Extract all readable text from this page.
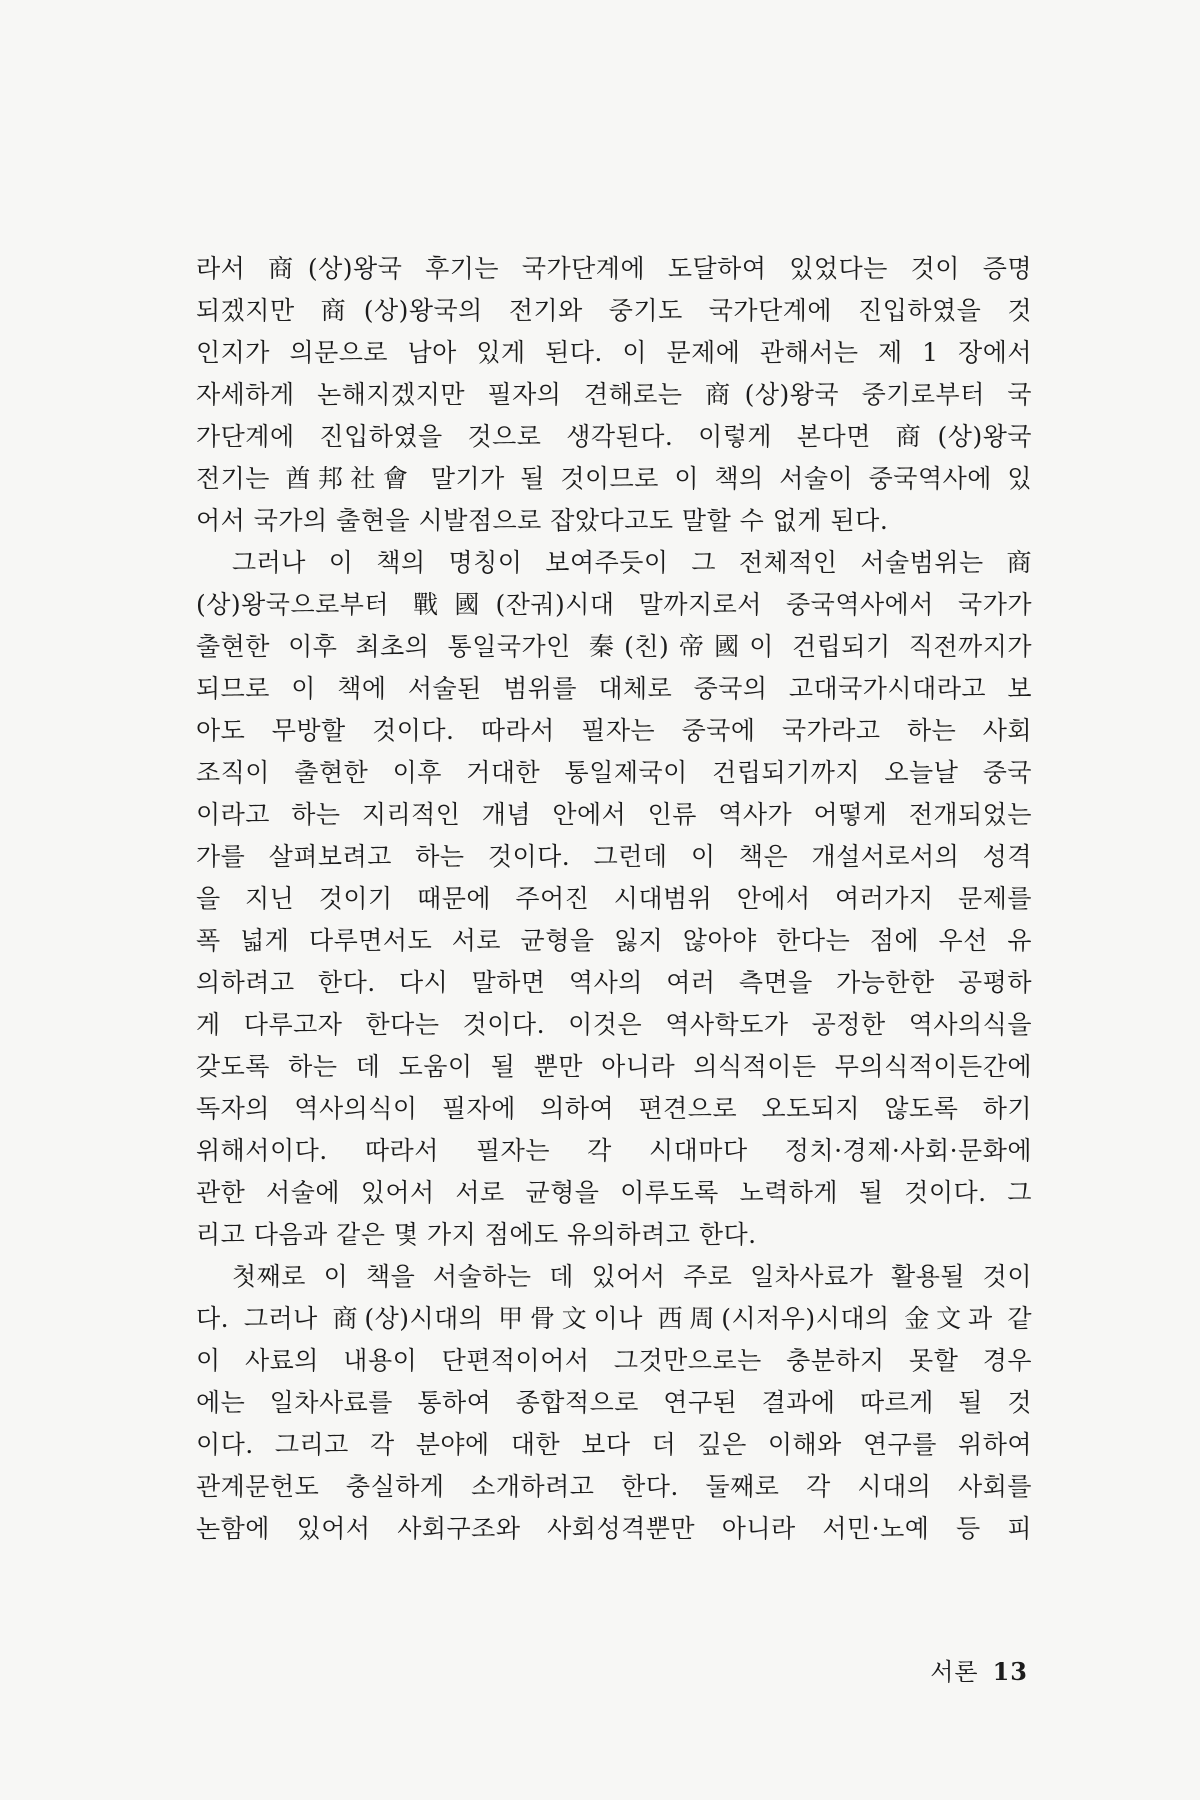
라서 商(상)왕국 후기는 국가단계에 도달하여 있었다는 것이 증명
되겠지만 商(상)왕국의 전기와 중기도 국가단계에 진입하였을 것
인지가 의문으로 남아 있게 된다. 이 문제에 관해서는 제 1 장에서
자세하게 논해지겠지만 필자의 견해로는 商(상)왕국 중기로부터 국
가단계에 진입하였을 것으로 생각된다. 이렇게 본다면 商(상)왕국
전기는 酋邦社會 말기가 될 것이므로 이 책의 서술이 중국역사에 있
어서 국가의 출현을 시발점으로 잡았다고도 말할 수 없게 된다.
그러나 이 책의 명칭이 보여주듯이 그 전체적인 서술범위는 商
(상)왕국으로부터 戰國(잔궈)시대 말까지로서 중국역사에서 국가가
출현한 이후 최초의 통일국가인 秦(친)帝國이 건립되기 직전까지가
되므로 이 책에 서술된 범위를 대체로 중국의 고대국가시대라고 보
아도 무방할 것이다. 따라서 필자는 중국에 국가라고 하는 사회
조직이 출현한 이후 거대한 통일제국이 건립되기까지 오늘날 중국
이라고 하는 지리적인 개념 안에서 인류 역사가 어떻게 전개되었는
가를 살펴보려고 하는 것이다. 그런데 이 책은 개설서로서의 성격
을 지닌 것이기 때문에 주어진 시대범위 안에서 여러가지 문제를
폭 넓게 다루면서도 서로 균형을 잃지 않아야 한다는 점에 우선 유
의하려고 한다. 다시 말하면 역사의 여러 측면을 가능한한 공평하
게 다루고자 한다는 것이다. 이것은 역사학도가 공정한 역사의식을
갖도록 하는 데 도움이 될 뿐만 아니라 의식적이든 무의식적이든간에
독자의 역사의식이 필자에 의하여 편견으로 오도되지 않도록 하기
위해서이다. 따라서 필자는 각 시대마다 정치·경제·사회·문화에
관한 서술에 있어서 서로 균형을 이루도록 노력하게 될 것이다. 그
리고 다음과 같은 몇 가지 점에도 유의하려고 한다.
첫째로 이 책을 서술하는 데 있어서 주로 일차사료가 활용될 것이
다. 그러나 商(상)시대의 甲骨文이나 西周(시저우)시대의 金文과 같
이 사료의 내용이 단편적이어서 그것만으로는 충분하지 못할 경우
에는 일차사료를 통하여 종합적으로 연구된 결과에 따르게 될 것
이다. 그리고 각 분야에 대한 보다 더 깊은 이해와 연구를 위하여
관계문헌도 충실하게 소개하려고 한다. 둘째로 각 시대의 사회를
논함에 있어서 사회구조와 사회성격뿐만 아니라 서민·노예 등 피
서론 13
